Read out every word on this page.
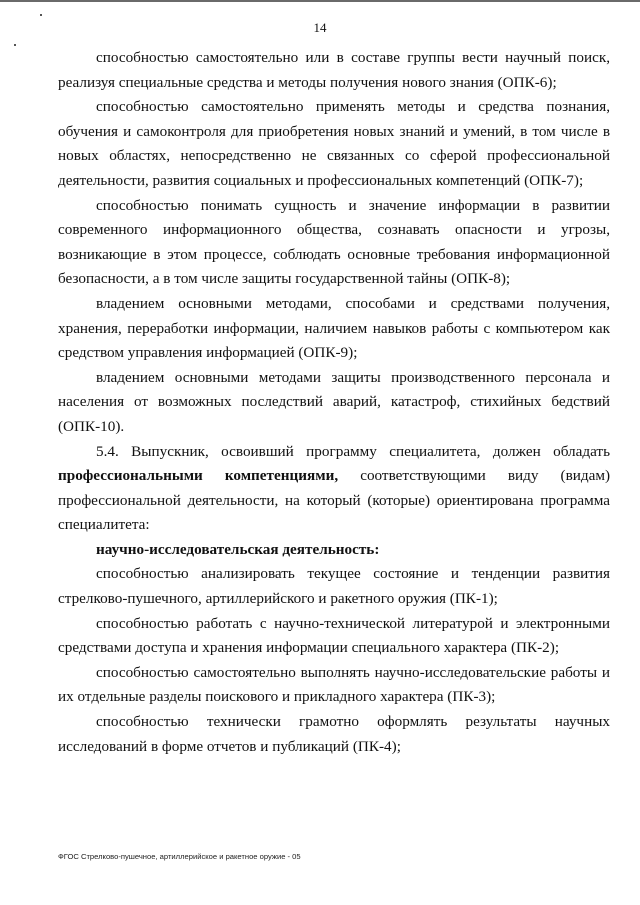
14

способностью самостоятельно или в составе группы вести научный поиск, реализуя специальные средства и методы получения нового знания (ОПК-6);

способностью самостоятельно применять методы и средства познания, обучения и самоконтроля для приобретения новых знаний и умений, в том числе в новых областях, непосредственно не связанных со сферой профессиональной деятельности, развития социальных и профессиональных компетенций (ОПК-7);

способностью понимать сущность и значение информации в развитии современного информационного общества, сознавать опасности и угрозы, возникающие в этом процессе, соблюдать основные требования информационной безопасности, а в том числе защиты государственной тайны (ОПК-8);

владением основными методами, способами и средствами получения, хранения, переработки информации, наличием навыков работы с компьютером как средством управления информацией (ОПК-9);

владением основными методами защиты производственного персонала и населения от возможных последствий аварий, катастроф, стихийных бедствий (ОПК-10).

5.4. Выпускник, освоивший программу специалитета, должен обладать профессиональными компетенциями, соответствующими виду (видам) профессиональной деятельности, на который (которые) ориентирована программа специалитета:

научно-исследовательская деятельность:

способностью анализировать текущее состояние и тенденции развития стрелково-пушечного, артиллерийского и ракетного оружия (ПК-1);

способностью работать с научно-технической литературой и электронными средствами доступа и хранения информации специального характера (ПК-2);

способностью самостоятельно выполнять научно-исследовательские работы и их отдельные разделы поискового и прикладного характера (ПК-3);

способностью технически грамотно оформлять результаты научных исследований в форме отчетов и публикаций (ПК-4);

ФГОС Стрелково-пушечное, артиллерийское и ракетное оружие - 05
